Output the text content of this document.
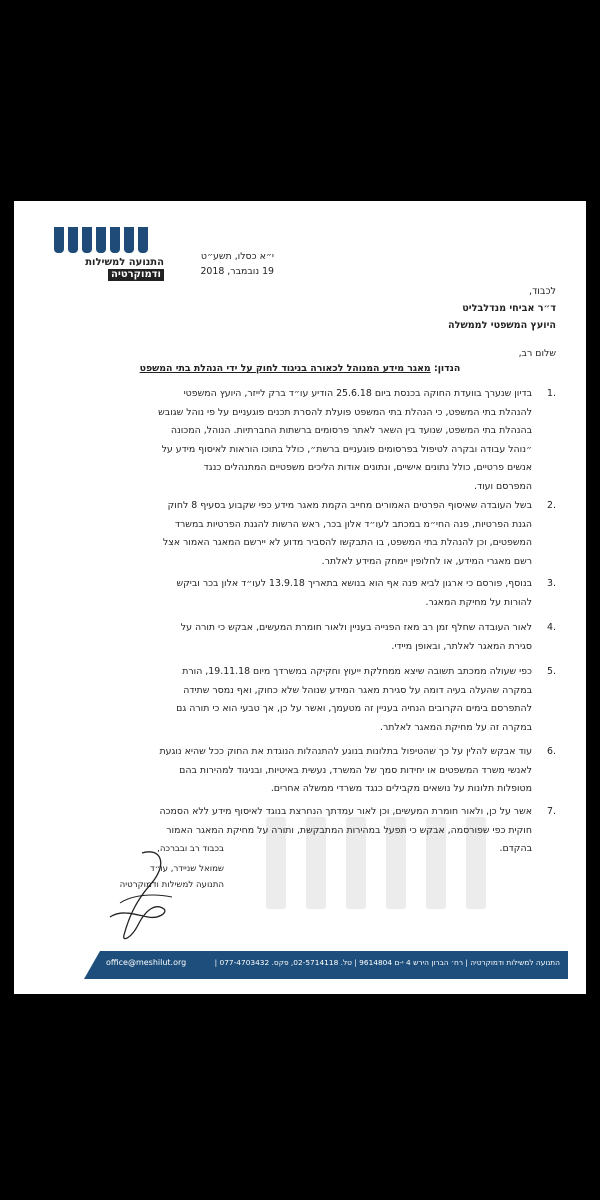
התנועה למשילות
ודמוקרטיה
י״א כסלו, תשע״ט
19 נובמבר, 2018
לכבוד,
ד״ר אביחי מנדלבליט
היועץ המשפטי לממשלה
שלום רב,
הנדון: מאגר מידע המנוהל לכאורה בניגוד לחוק על ידי הנהלת בתי המשפט
1.
בדיון שנערך בוועדת החוקה בכנסת ביום 25.6.18 הודיע עו״ד ברק לייזר, היועץ המשפטי
להנהלת בתי המשפט, כי הנהלת בתי המשפט פועלת להסרת תכנים פוגעניים על פי נוהל שגובש
בהנהלת בתי המשפט, שנועד בין השאר לאתר פרסומים ברשתות החברתיות. הנוהל, המכונה
״נוהל עבודה ובקרה לטיפול בפרסומים פוגעניים ברשת״, כולל בתוכו הוראות לאיסוף מידע על
אנשים פרטיים, כולל נתונים אישיים, ונתונים אודות הליכים משפטיים המתנהלים כנגד
המפרסם ועוד.
2.
בשל העובדה שאיסוף הפרטים האמורים מחייב הקמת מאגר מידע כפי שקבוע בסעיף 8 לחוק
הגנת הפרטיות, פנה החי״מ במכתב לעו״ד אלון בכר, ראש הרשות להגנת הפרטיות במשרד
המשפטים, וכן להנהלת בתי המשפט, בו התבקשו להסביר מדוע לא יירשם המאגר האמור אצל
רשם מאגרי המידע, או לחלופין יימחק המידע לאלתר.
3.
בנוסף, פורסם כי ארגון לביא פנה אף הוא בנושא בתאריך 13.9.18 לעו״ד אלון בכר וביקש
להורות על מחיקת המאגר.
4.
לאור העובדה שחלף זמן רב מאז הפנייה בעניין ולאור חומרת המעשים, אבקש כי תורה על
סגירת המאגר לאלתר, ובאופן מיידי.
5.
כפי שעולה ממכתב תשובה שיצא ממחלקת ייעוץ וחקיקה במשרדך מיום 19.11.18, הורת
במקרה שהעלה בעיה דומה על סגירת מאגר המידע שנוהל שלא כחוק, ואף נמסר שתידה
להתפרסם בימים הקרובים הנחיה בעניין זה מטעמך, ואשר על כן, אך טבעי הוא כי תורה גם
במקרה זה על מחיקת המאגר לאלתר.
6.
עוד אבקש להלין על כך שהטיפול בתלונות בנוגע להתנהלות הנוגדת את החוק ככל שהיא נוגעת
לאנשי משרד המשפטים או יחידות סמך של המשרד, נעשית באיטיות, ובניגוד למהירות בהם
מטופלות תלונות על נושאים מקבילים כנגד משרדי ממשלה אחרים.
7.
אשר על כן, ולאור חומרת המעשים, וכן לאור עמדתך הנחרצת בנוגד לאיסוף מידע ללא הסמכה
חוקית כפי שפורסמה, אבקש כי תפעל במהירות המתבקשת, ותורה על מחיקת המאגר האמור
בהקדם.
בכבוד רב ובברכה,
שמואל שניידר, עו״ד
התנועה למשילות ודמוקרטיה
התנועה למשילות ודמוקרטיה | רח׳ הברון הירש 4 י-ם 9614804 | טל. 02-5714118, פקס. 077-4703432 |
office@meshilut.org
